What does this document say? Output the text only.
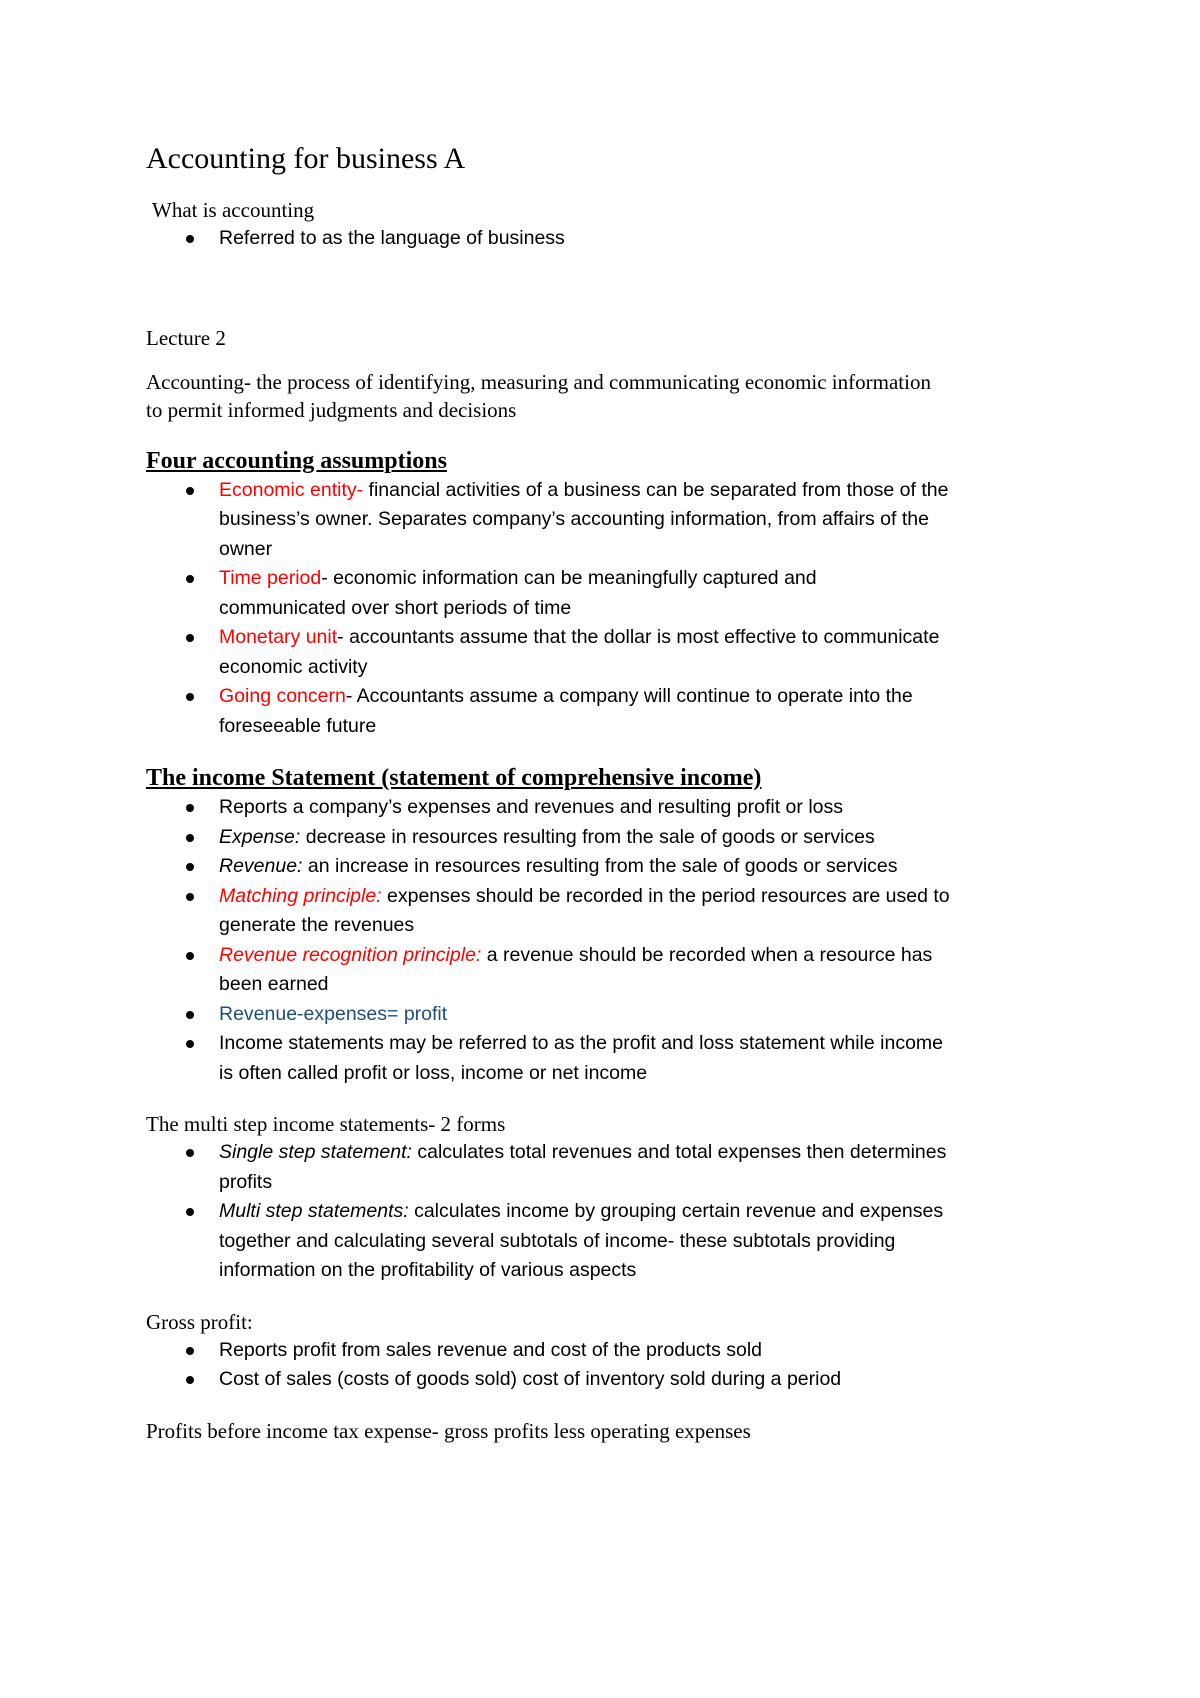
Accounting for business A

What is accounting

Referred to as the language of business

Lecture 2

Accounting- the process of identifying, measuring and communicating economic information

to permit informed judgments and decisions

Four accounting assumptions
Economic entity- financial activities of a business can be separated from those of the
business’s owner. Separates company’s accounting information, from affairs of the
owner
Time period- economic information can be meaningfully captured and
communicated over short periods of time
Monetary unit- accountants assume that the dollar is most effective to communicate
economic activity
Going concern- Accountants assume a company will continue to operate into the
foreseeable future
The income Statement (statement of comprehensive income)
Reports a company’s expenses and revenues and resulting profit or loss
Expense: decrease in resources resulting from the sale of goods or services
Revenue: an increase in resources resulting from the sale of goods or services
Matching principle: expenses should be recorded in the period resources are used to
generate the revenues
Revenue recognition principle: a revenue should be recorded when a resource has
been earned
Revenue-expenses= profit
Income statements may be referred to as the profit and loss statement while income
is often called profit or loss, income or net income

The multi step income statements- 2 forms

Single step statement: calculates total revenues and total expenses then determines
profits
Multi step statements: calculates income by grouping certain revenue and expenses
together and calculating several subtotals of income- these subtotals providing
information on the profitability of various aspects

Gross profit:

Reports profit from sales revenue and cost of the products sold
Cost of sales (costs of goods sold) cost of inventory sold during a period

Profits before income tax expense- gross profits less operating expenses
